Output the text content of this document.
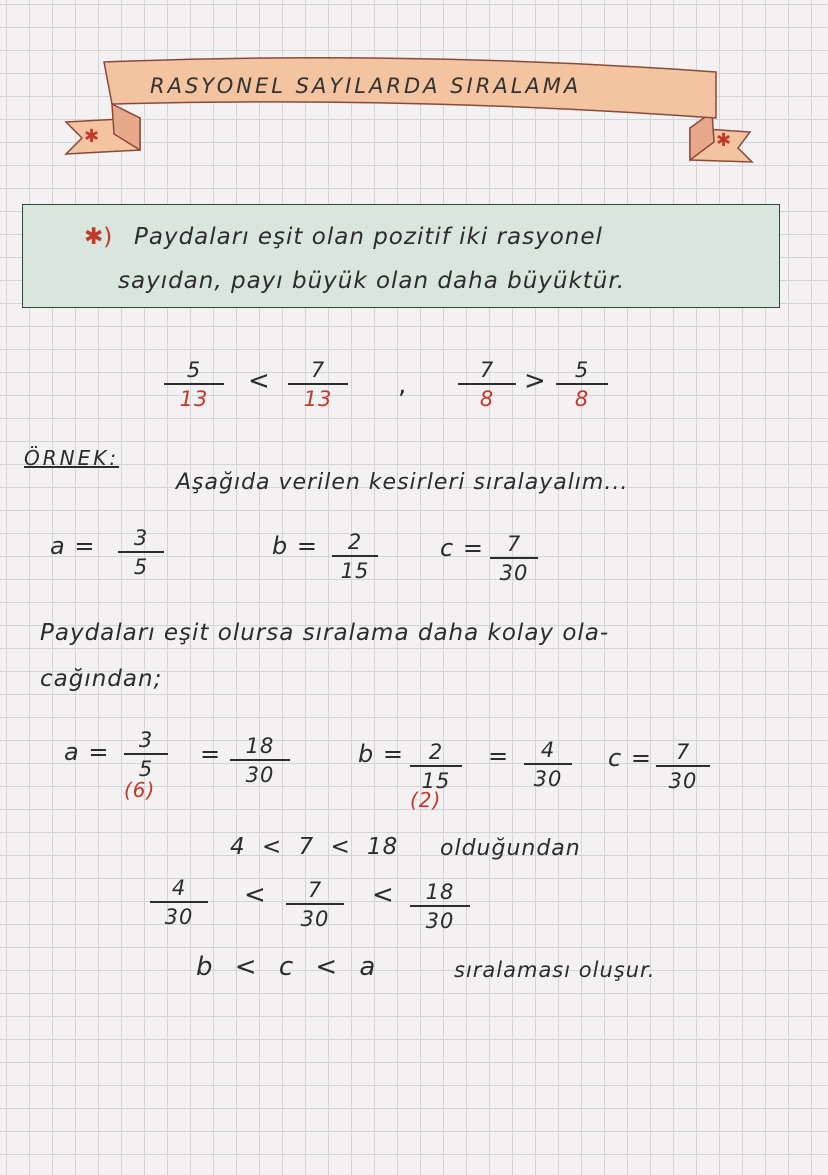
RASYONEL SAYILARDA SIRALAMA
✱	✱
✱) Paydaları eşit olan pozitif iki rasyonel
sayıdan, payı büyük olan daha büyüktür.
5
13
<	7
13	,	7
8
>	5
8
ÖRNEK:
Aşağıda verilen kesirleri sıralayalım...
a =	3
5
b =	2
15
c =	7
30
Paydaları eşit olursa sıralama daha kolay ola-
cağından;
a =	3
5
(6)
=	18
30
b =	2
15
(2)
=	4
30
c =	7
30
4 < 7 < 18 olduğundan
4
30
<	7
30
<	18
30
b < c < a	sıralaması oluşur.
